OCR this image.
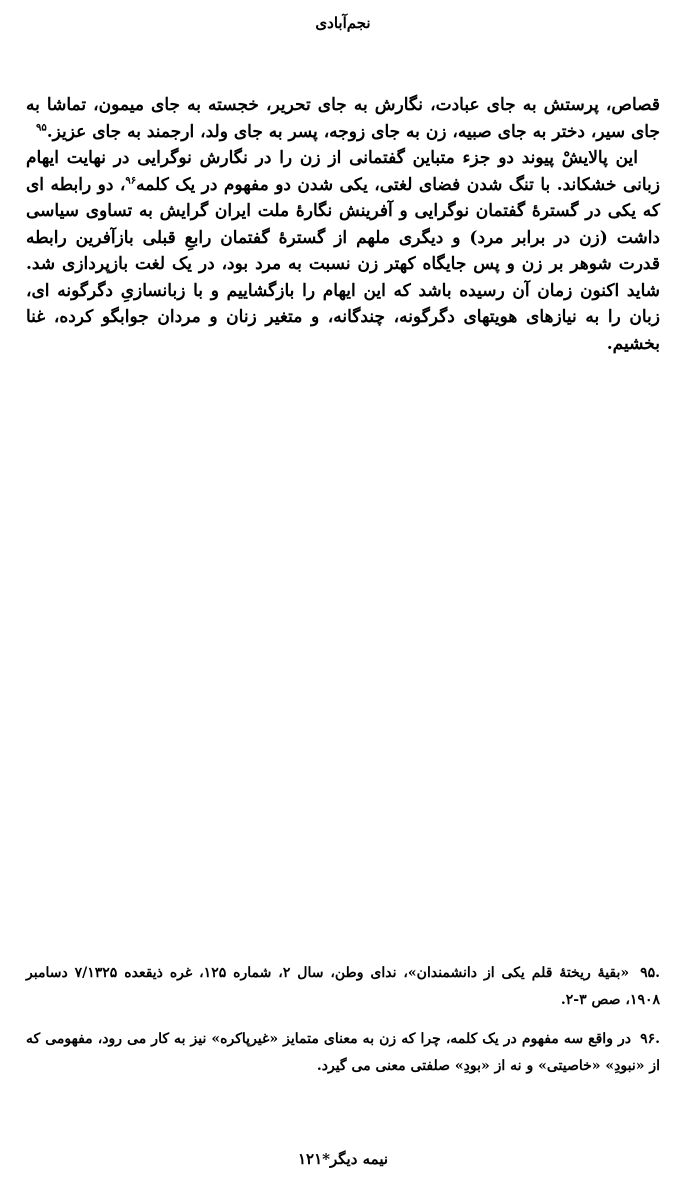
نجم‌آبادی

قصاص، پرستش به جای عبادت، نگارش به جای تحریر، خجسته به جای میمون، تماشا به جای سیر، دختر به جای صبیه، زن به جای زوجه، پسر به جای ولد، ارجمند به جای عزیز.$^{۹۵}$

این پالایشْ پیوند دو جزء متباین گفتمانی از زن را در نگارش نوگرایی در نهایت ایهام زبانی خشکاند. با تنگ شدن فضای لغتی، یکی شدن دو مفهوم در یک کلمه$^{۹۶}$، دو رابطه ای که یکی در گسترهٔ گفتمان نوگرایی و آفرینش نگارهٔ ملت ایران گرایش به تساوی سیاسی داشت (زن در برابر مرد) و دیگری ملهم از گسترهٔ گفتمان رابعِ قبلی بازآفرین رابطه قدرت شوهر بر زن و پس جایگاه کهتر زن نسبت به مرد بود، در یک لغت بازپردازی شد. شاید اکنون زمان آن رسیده باشد که این ایهام را بازگشاییم و با زبانسازیِ دگرگونه ای، زبان را به نیازهای هویتهای دگرگونه، چندگانه، و متغیر زنان و مردان جوابگو کرده، غنا بخشیم.

.۹۵ «بقیهٔ ریختهٔ قلم یکی از دانشمندان»، ندای وطن، سال ۲، شماره ۱۲۵، غره ذیقعده ۷/۱۳۲۵ دسامبر ۱۹۰۸، صص ۳-۲.

.۹۶ در واقع سه مفهوم در یک کلمه، چرا که زن به معنای متمایز «غیرپاکره» نیز به کار می رود، مفهومی که از «نبودِ» «خاصیتی» و نه از «بودِ» صلفتی معنی می گیرد.

نیمه دیگر*۱۲۱
